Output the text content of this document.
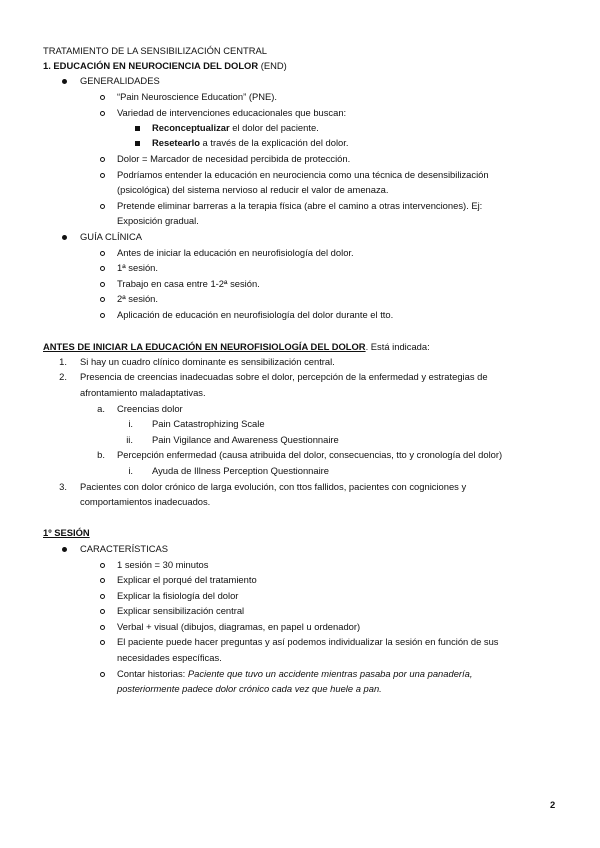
TRATAMIENTO DE LA SENSIBILIZACIÓN CENTRAL
1. EDUCACIÓN EN NEUROCIENCIA DEL DOLOR (END)
GENERALIDADES
“Pain Neuroscience Education” (PNE).
Variedad de intervenciones educacionales que buscan:
Reconceptualizar el dolor del paciente.
Resetearlo a través de la explicación del dolor.
Dolor = Marcador de necesidad percibida de protección.
Podríamos entender la educación en neurociencia como una técnica de desensibilización
(psicológica) del sistema nervioso al reducir el valor de amenaza.
Pretende eliminar barreras a la terapia física (abre el camino a otras intervenciones). Ej:
Exposición gradual.
GUÍA CLÍNICA
Antes de iniciar la educación en neurofisiología del dolor.
1ª sesión.
Trabajo en casa entre 1-2ª sesión.
2ª sesión.
Aplicación de educación en neurofisiología del dolor durante el tto.
ANTES DE INICIAR LA EDUCACIÓN EN NEUROFISIOLOGÍA DEL DOLOR. Está indicada:
1. Si hay un cuadro clínico dominante es sensibilización central.
2. Presencia de creencias inadecuadas sobre el dolor, percepción de la enfermedad y estrategias de
afrontamiento maladaptativas.
a. Creencias dolor
i. Pain Catastrophizing Scale
ii. Pain Vigilance and Awareness Questionnaire
b. Percepción enfermedad (causa atribuida del dolor, consecuencias, tto y cronología del dolor)
i. Ayuda de Illness Perception Questionnaire
3. Pacientes con dolor crónico de larga evolución, con ttos fallidos, pacientes con cogniciones y
comportamientos inadecuados.
1º SESIÓN
CARACTERÍSTICAS
1 sesión = 30 minutos
Explicar el porqué del tratamiento
Explicar la fisiología del dolor
Explicar sensibilización central
Verbal + visual (dibujos, diagramas, en papel u ordenador)
El paciente puede hacer preguntas y así podemos individualizar la sesión en función de sus
necesidades específicas.
Contar historias: Paciente que tuvo un accidente mientras pasaba por una panadería,
posteriormente padece dolor crónico cada vez que huele a pan.
2
